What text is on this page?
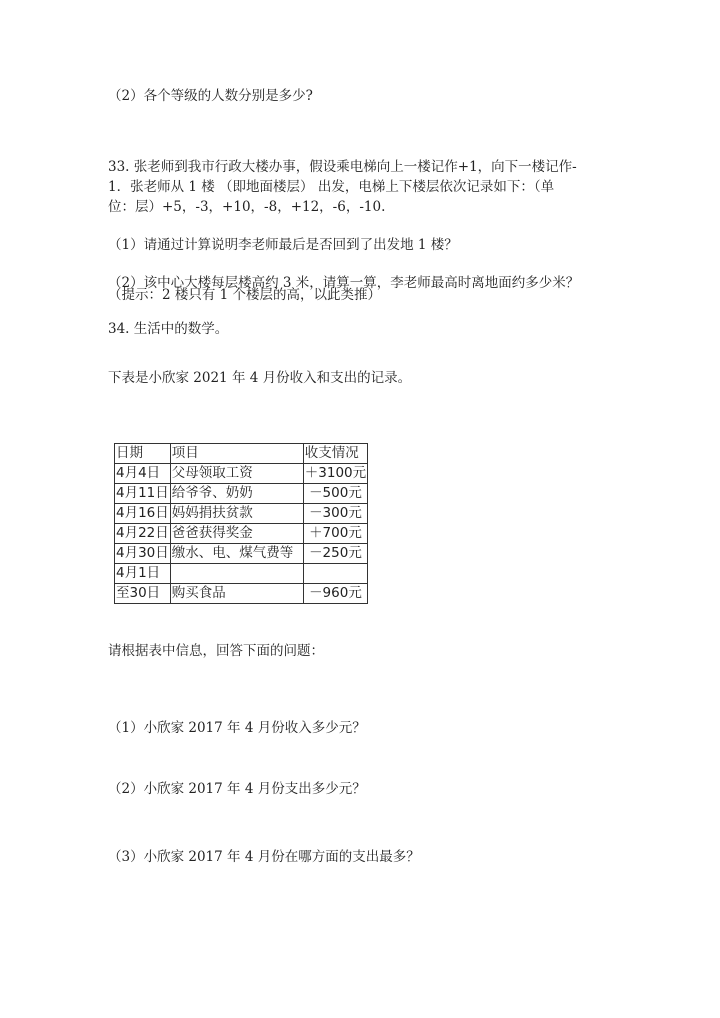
（2）各个等级的人数分别是多少?
33. 张老师到我市行政大楼办事，假设乘电梯向上一楼记作+1，向下一楼记作-
1．张老师从 1 楼 （即地面楼层） 出发，电梯上下楼层依次记录如下：（单
位：层）+5，-3，+10，-8，+12，-6，-10.
（1）请通过计算说明李老师最后是否回到了出发地 1 楼？
（2）该中心大楼每层楼高约 3 米，请算一算，李老师最高时离地面约多少米？
（提示：2 楼只有 1 个楼层的高，以此类推）
34. 生活中的数学。
下表是小欣家 2021 年 4 月份收入和支出的记录。
日期	项目	收支情况
4月4日	父母领取工资	＋3100元
4月11日	给爷爷、奶奶	－500元
4月16日	妈妈捐扶贫款	－300元
4月22日	爸爸获得奖金	＋700元
4月30日	缴水、电、煤气费等	－250元
4月1日		
至30日	购买食品	－960元
请根据表中信息，回答下面的问题：
（1）小欣家 2017 年 4 月份收入多少元？
（2）小欣家 2017 年 4 月份支出多少元？
（3）小欣家 2017 年 4 月份在哪方面的支出最多？
